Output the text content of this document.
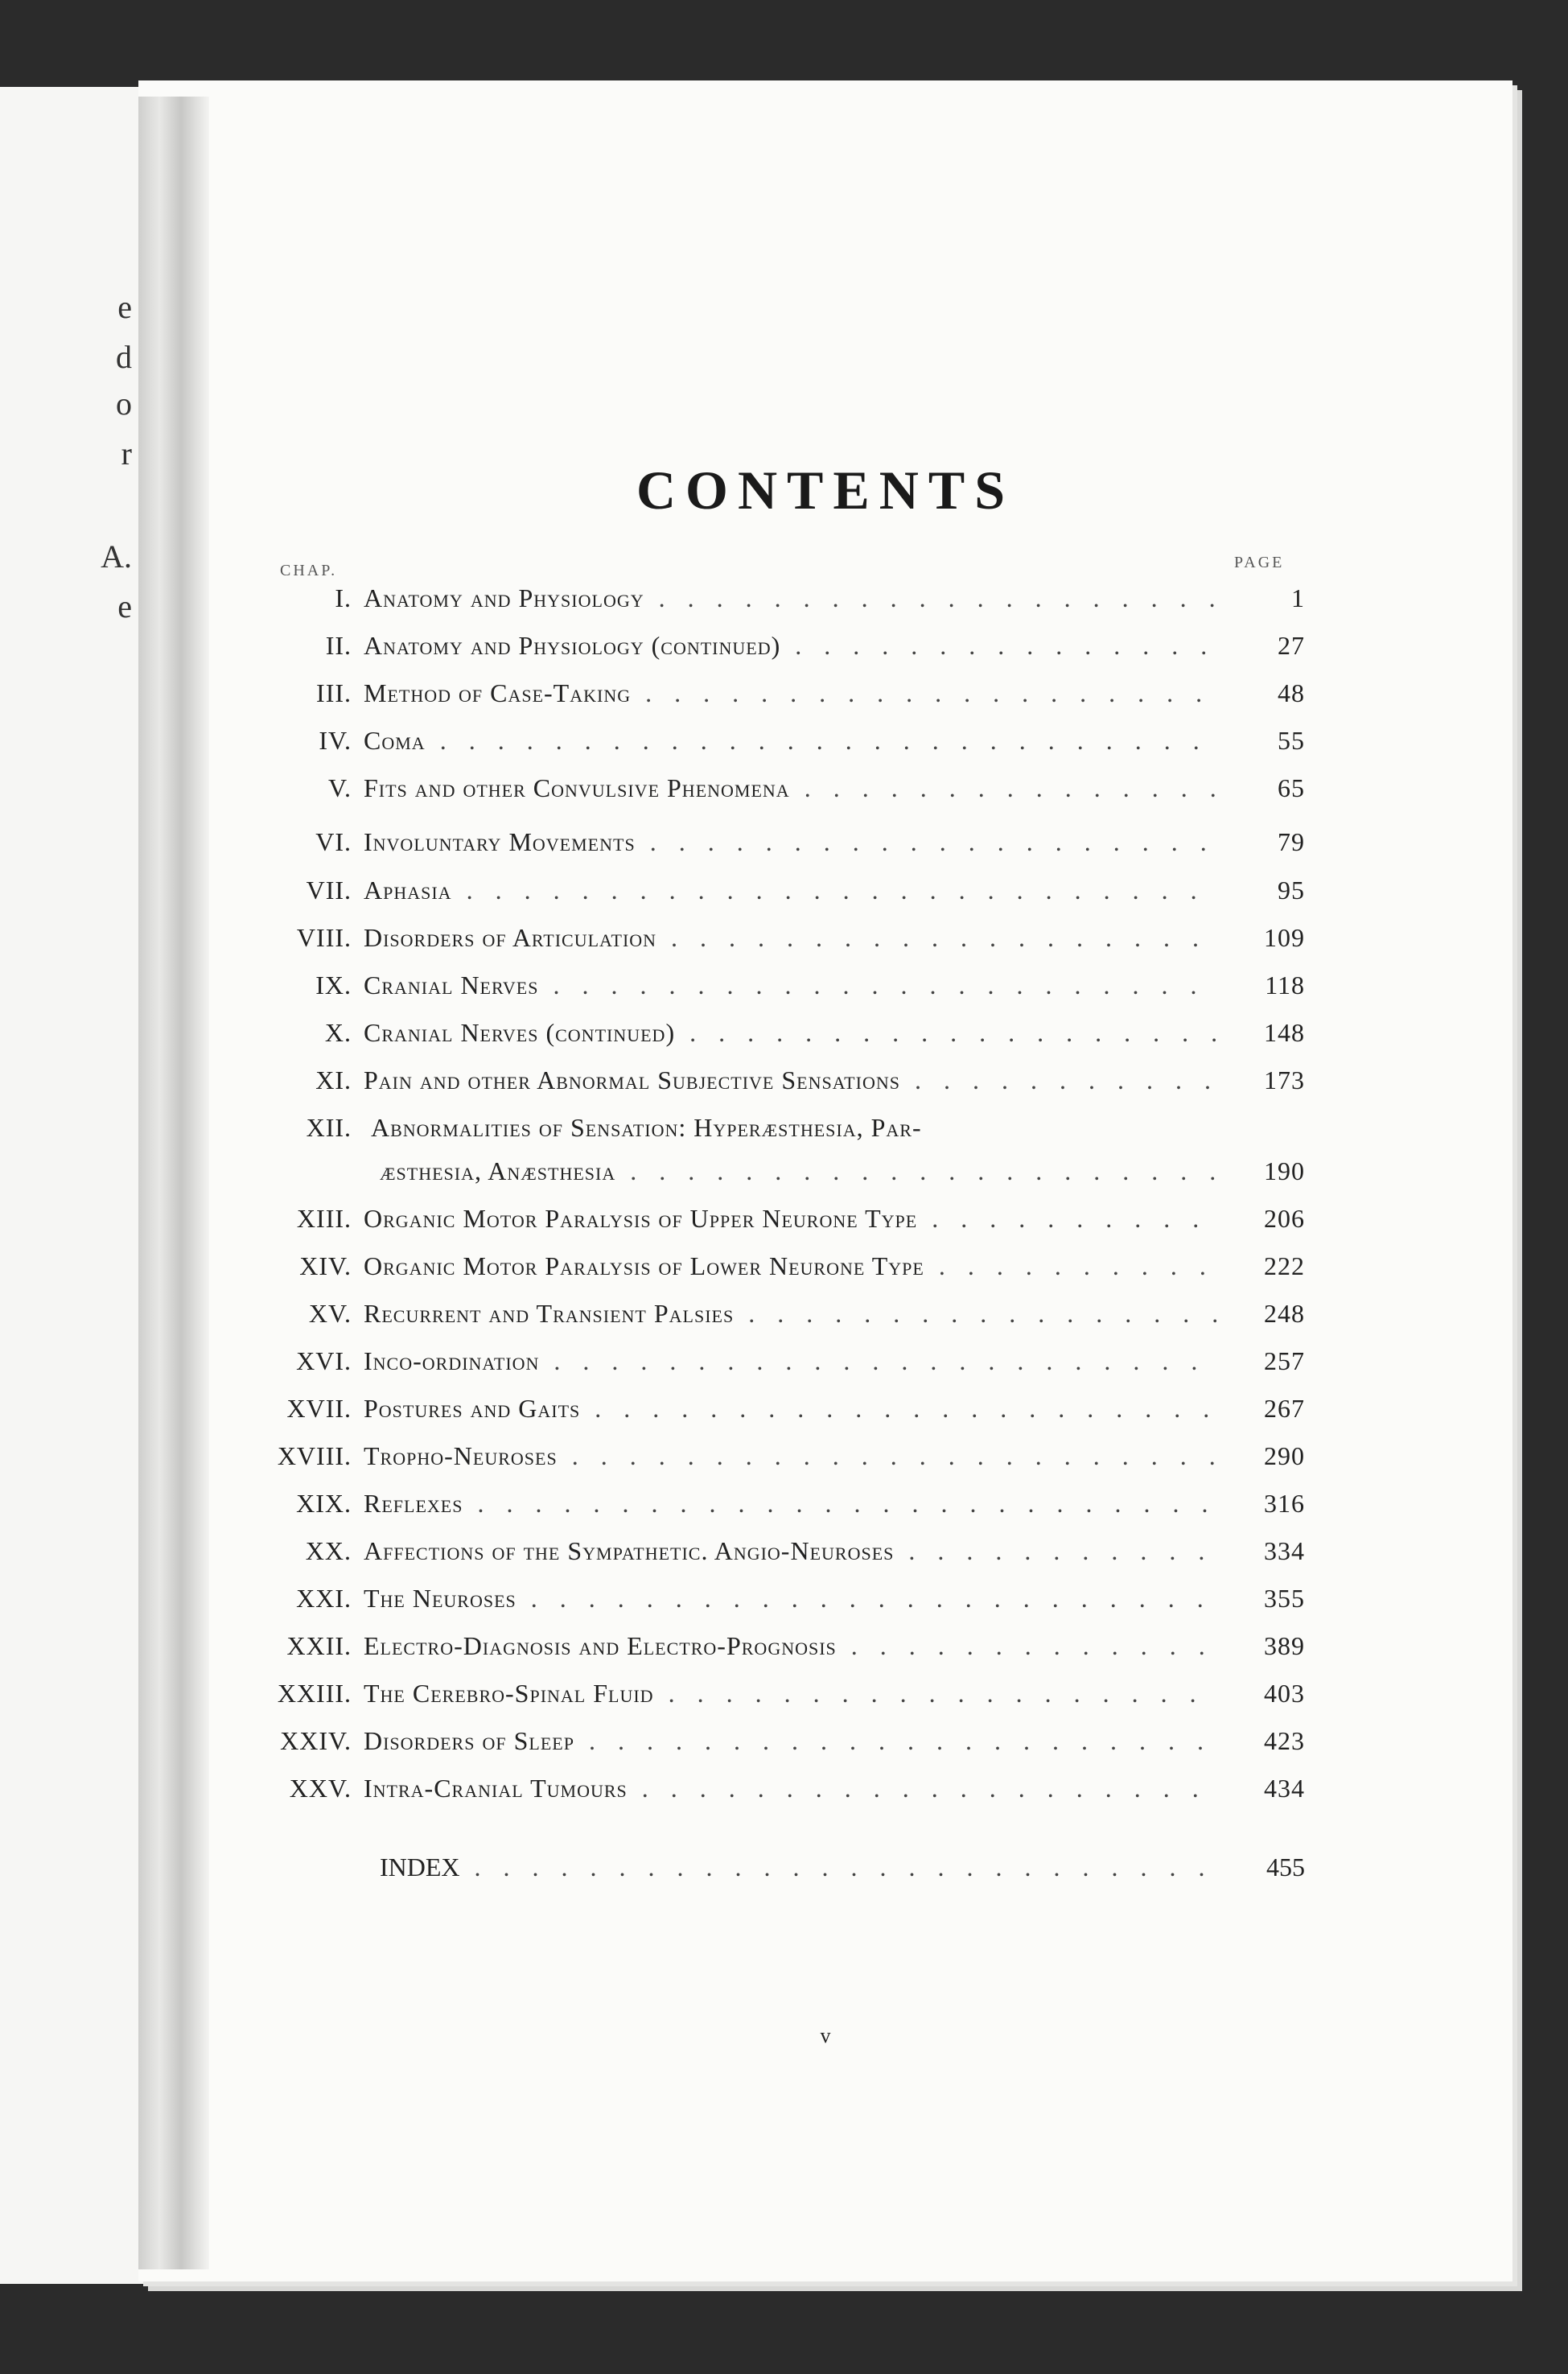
e
d
o
r
A.
e
CONTENTS
CHAP.	PAGE
I. Anatomy and Physiology . .	1
II. Anatomy and Physiology (continued) . .	27
III. Method of Case-Taking . .	48
IV. Coma . .	55
V. Fits and other Convulsive Phenomena . .	65
VI. Involuntary Movements . .	79
VII. Aphasia . .	95
VIII. Disorders of Articulation . .	109
IX. Cranial Nerves . .	118
X. Cranial Nerves (continued) . .	148
XI. Pain and other Abnormal Subjective Sensations . .	173
XII. Abnormalities of Sensation: Hyperæsthesia, Par-
æsthesia, Anæsthesia . .	190
XIII. Organic Motor Paralysis of Upper Neurone Type . .	206
XIV. Organic Motor Paralysis of Lower Neurone Type . .	222
XV. Recurrent and Transient Palsies . .	248
XVI. Inco-ordination . .	257
XVII. Postures and Gaits . .	267
XVIII. Tropho-Neuroses . .	290
XIX. Reflexes . .	316
XX. Affections of the Sympathetic. Angio-Neuroses . .	334
XXI. The Neuroses . .	355
XXII. Electro-Diagnosis and Electro-Prognosis . .	389
XXIII. The Cerebro-Spinal Fluid . .	403
XXIV. Disorders of Sleep . .	423
XXV. Intra-Cranial Tumours . .	434
INDEX . .	455
v
